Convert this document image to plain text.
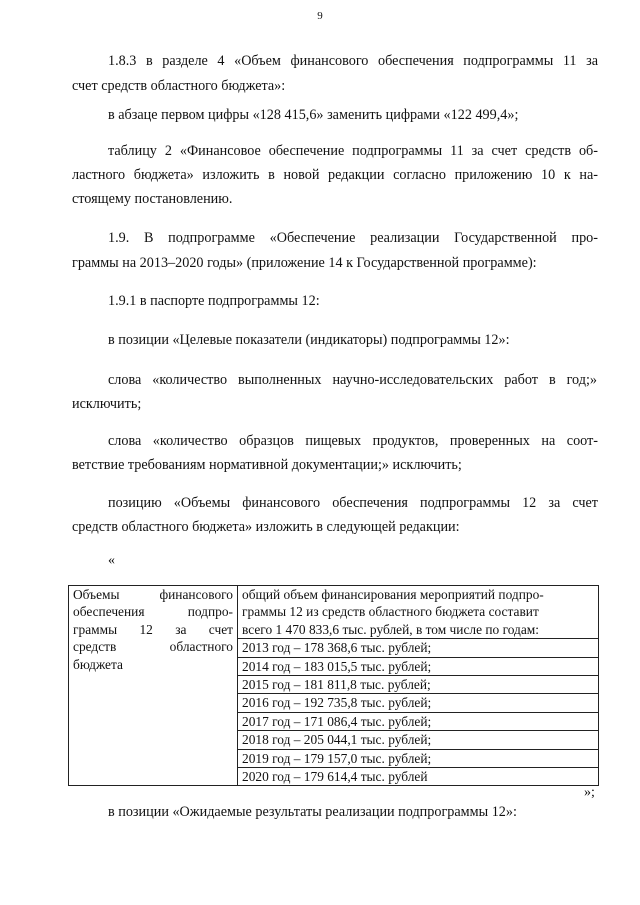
9
1.8.3 в разделе 4 «Объем финансового обеспечения подпрограммы 11 за
счет средств областного бюджета»:
в абзаце первом цифры «128 415,6» заменить цифрами «122 499,4»;
таблицу 2 «Финансовое обеспечение подпрограммы 11 за счет средств об-
ластного бюджета» изложить в новой редакции согласно приложению 10 к на-
стоящему постановлению.
1.9. В подпрограмме «Обеспечение реализации Государственной про-
граммы на 2013–2020 годы» (приложение 14 к Государственной программе):
1.9.1 в паспорте подпрограммы 12:
в позиции «Целевые показатели (индикаторы) подпрограммы 12»:
слова «количество выполненных научно-исследовательских работ в год;»
исключить;
слова «количество образцов пищевых продуктов, проверенных на соот-
ветствие требованиям нормативной документации;» исключить;
позицию «Объемы финансового обеспечения подпрограммы 12 за счет
средств областного бюджета» изложить в следующей редакции:
«
Объемы финансового
обеспечения подпро-
граммы 12 за счет
средств областного
бюджета

общий объем финансирования мероприятий подпро-
граммы 12 из средств областного бюджета составит
всего 1 470 833,6 тыс. рублей, в том числе по годам:
2013 год – 178 368,6 тыс. рублей;
2014 год – 183 015,5 тыс. рублей;
2015 год – 181 811,8 тыс. рублей;
2016 год – 192 735,8 тыс. рублей;
2017 год – 171 086,4 тыс. рублей;
2018 год – 205 044,1 тыс. рублей;
2019 год – 179 157,0 тыс. рублей;
2020 год – 179 614,4 тыс. рублей
»;
в позиции «Ожидаемые результаты реализации подпрограммы 12»:
